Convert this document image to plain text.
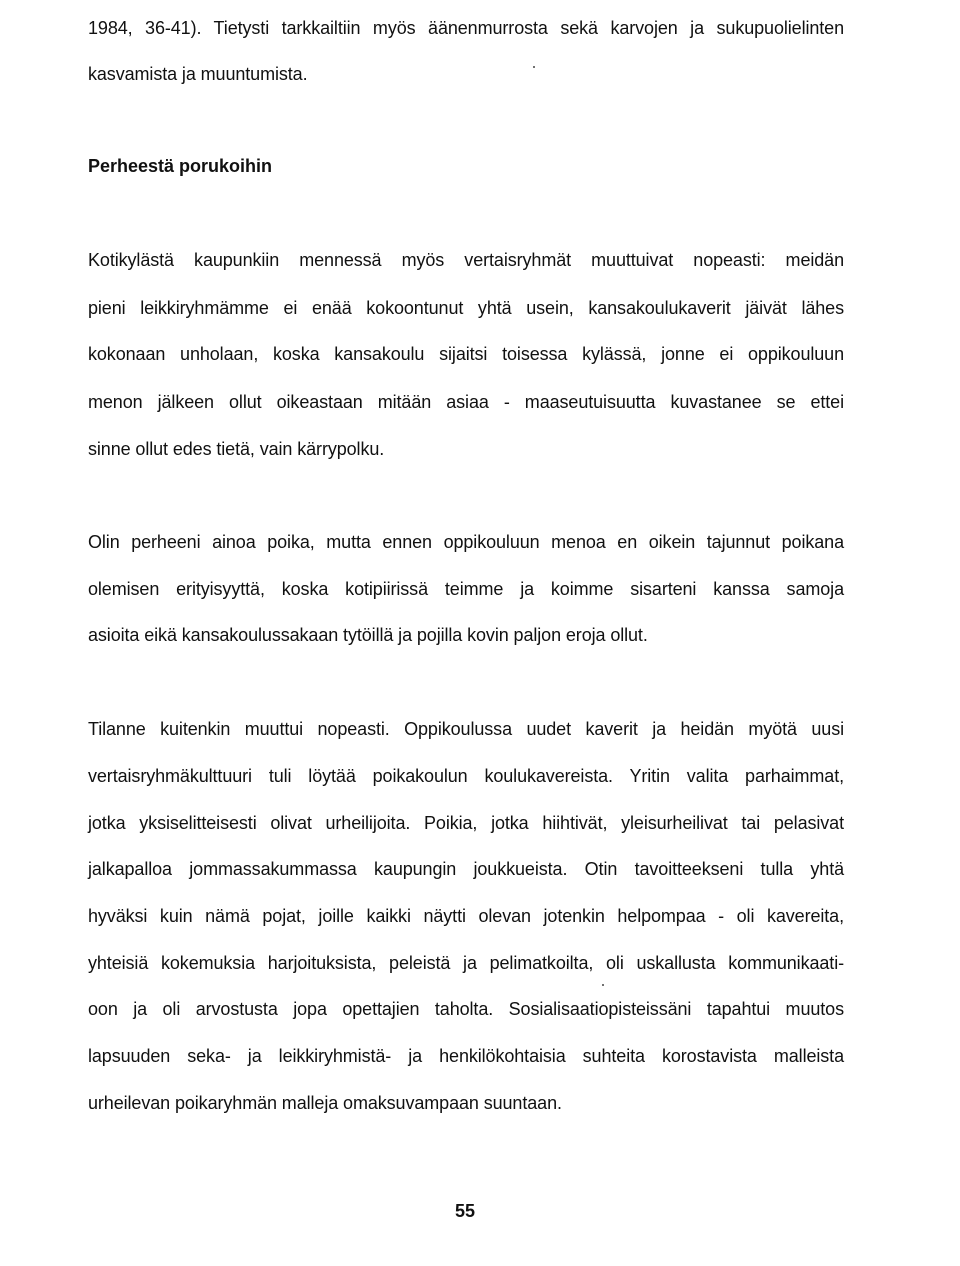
1984, 36-41). Tietysti tarkkailtiin myös äänenmurrosta sekä karvojen ja sukupuolielinten
kasvamista ja muuntumista.
Perheestä porukoihin
Kotikylästä kaupunkiin mennessä myös vertaisryhmät muuttuivat nopeasti: meidän
pieni leikkiryhmämme ei enää kokoontunut yhtä usein, kansakoulukaverit jäivät lähes
kokonaan unholaan, koska kansakoulu sijaitsi toisessa kylässä, jonne ei oppikouluun
menon jälkeen ollut oikeastaan mitään asiaa - maaseutuisuutta kuvastanee se ettei
sinne ollut edes tietä, vain kärrypolku.
Olin perheeni ainoa poika, mutta ennen oppikouluun menoa en oikein tajunnut poikana
olemisen erityisyyttä, koska kotipiirissä teimme ja koimme sisarteni kanssa samoja
asioita eikä kansakoulussakaan tytöillä ja pojilla kovin paljon eroja ollut.
Tilanne kuitenkin muuttui nopeasti. Oppikoulussa uudet kaverit ja heidän myötä uusi
vertaisryhmäkulttuuri tuli löytää poikakoulun koulukavereista. Yritin valita parhaimmat,
jotka yksiselitteisesti olivat urheilijoita. Poikia, jotka hiihtivät, yleisurheilivat tai pelasivat
jalkapalloa jommassakummassa kaupungin joukkueista. Otin tavoitteekseni tulla yhtä
hyväksi kuin nämä pojat, joille kaikki näytti olevan jotenkin helpompaa - oli kavereita,
yhteisiä kokemuksia harjoituksista, peleistä ja pelimatkoilta, oli uskallusta kommunikaati-
oon ja oli arvostusta jopa opettajien taholta. Sosialisaatiopisteissäni tapahtui muutos
lapsuuden seka- ja leikkiryhmistä- ja henkilökohtaisia suhteita korostavista malleista
urheilevan poikaryhmän malleja omaksuvampaan suuntaan.
55
